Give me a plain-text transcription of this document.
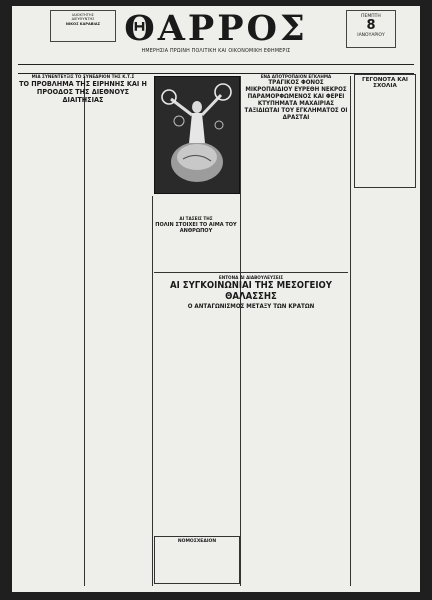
ΙΔΙΟΚΤΗΤΗΣ
ΔΙΕΥΘΥΝΤΗΣ
ΝΙΚΟΣ ΚΑΡΑΒΙΑΣ ΘΑΡΡΟΣ
ΗΜΕΡΗΣΙΑ ΠΡΩΙΝΗ ΠΟΛΙΤΙΚΗ ΚΑΙ ΟΙΚΟΝΟΜΙΚΗ ΕΦΗΜΕΡΙΣ
ΠΕΜΠΤΗ
8
ΙΑΝΟΥΑΡΙΟΥ
ΜΙΑ ΣΥΝΕΝΤΕΥΞΙΣ ΤΟ ΣΥΝΕΔΡΙΟΝ ΤΗΣ Κ.Τ.Σ
ΤΟ ΠΡΟΒΛΗΜΑ ΤΗΣ ΕΙΡΗΝΗΣ ΚΑΙ Η ΠΡΟΟΔΟΣ ΤΗΣ ΔΙΕΘΝΟΥΣ ΔΙΑΙΤΗΣΙΑΣ
ΑΙ ΤΑΣΕΙΣ ΤΗΣ
ΠΟΛΙΝ ΣΤΟΙΧΕΙ ΤΟ ΑΙΜΑ ΤΟΥ ΑΝΘΡΩΠΟΥ
ΕΝΑ ΑΠΟΤΡΟΠΑΙΟΝ ΕΓΚΛΗΜΑ
ΤΡΑΓΙΚΟΣ ΦΟΝΟΣ ΜΙΚΡΟΠΑΙΔΙΟΥ ΕΥΡΕΘΗ ΝΕΚΡΟΣ ΠΑΡΑΜΟΡΦΩΜΕΝΟΣ ΚΑΙ ΦΕΡΕΙ ΚΤΥΠΗΜΑΤΑ ΜΑΧΑΙΡΙΑΣ ΤΑΞΙΔΙΩΤΑΙ ΤΟΥ ΕΓΚΛΗΜΑΤΟΣ ΟΙ ΔΡΑΣΤΑΙ
ΕΝΤΟΝΑ ΑΙ ΔΙΑΒΟΥΛΕΥΣΕΙΣ
ΑΙ ΣΥΓΚΟΙΝΩΝΙΑΙ ΤΗΣ ΜΕΣΟΓΕΙΟΥ ΘΑΛΑΣΣΗΣ
Ο ΑΝΤΑΓΩΝΙΣΜΟΣ ΜΕΤΑΞΥ ΤΩΝ ΚΡΑΤΩΝ
ΓΕΓΟΝΟΤΑ ΚΑΙ ΣΧΟΛΙΑ
ΝΟΜΟΣΧΕΔΙΟΝ
